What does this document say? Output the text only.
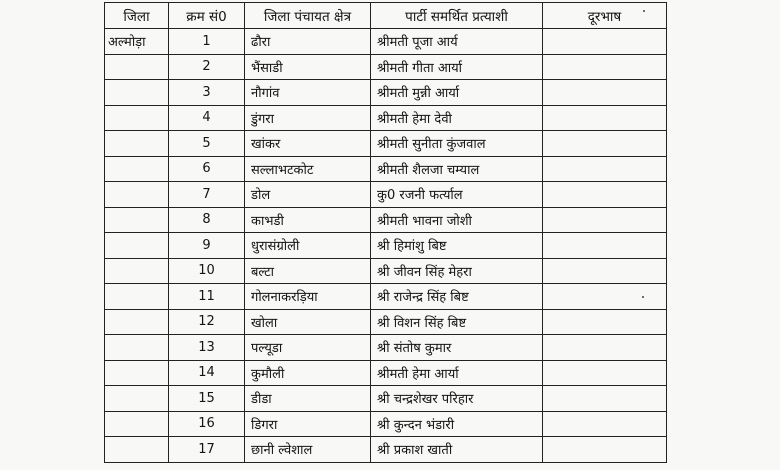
जिला	क्रम सं0	जिला पंचायत क्षेत्र	पार्टी समर्थित प्रत्याशी	दूरभाष
अल्मोड़ा	1	ढौरा	श्रीमती पूजा आर्य	
	2	भैंसाडी	श्रीमती गीता आर्या	
	3	नौगांव	श्रीमती मुन्नी आर्या	
	4	डुंगरा	श्रीमती हेमा देवी	
	5	खांकर	श्रीमती सुनीता कुंजवाल	
	6	सल्लाभटकोट	श्रीमती शैलजा चम्याल	
	7	डोल	कु0 रजनी फर्त्याल	
	8	काभडी	श्रीमती भावना जोशी	
	9	धुरासंग्रोली	श्री हिमांशु बिष्ट	
	10	बल्टा	श्री जीवन सिंह मेहरा	
	11	गोलनाकरड़िया	श्री राजेन्द्र सिंह बिष्ट	
	12	खोला	श्री विशन सिंह बिष्ट	
	13	पल्यूडा	श्री संतोष कुमार	
	14	कुमौली	श्रीमती हेमा आर्या	
	15	डीडा	श्री चन्द्रशेखर परिहार	
	16	डिगरा	श्री कुन्दन भंडारी	
	17	छानी ल्वेशाल	श्री प्रकाश खाती	
